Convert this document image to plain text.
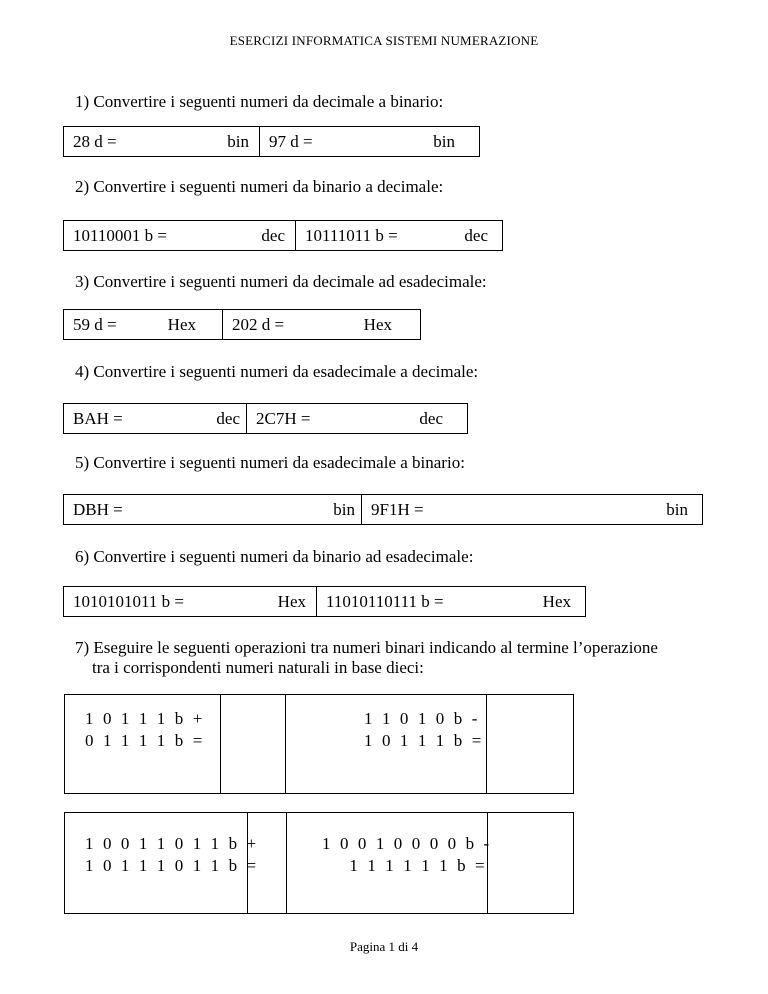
ESERCIZI INFORMATICA SISTEMI NUMERAZIONE
1) Convertire i seguenti numeri da decimale a binario:
28 d =	bin 97 d =	bin
2) Convertire i seguenti numeri da binario a decimale:
10110001 b =	dec 10111011 b =	dec
3) Convertire i seguenti numeri da decimale ad esadecimale:
59 d =	Hex 202 d =	Hex
4) Convertire i seguenti numeri da esadecimale a decimale:
BAH =	dec 2C7H =	dec
5) Convertire i seguenti numeri da esadecimale a binario:
DBH =	bin 9F1H =	bin
6) Convertire i seguenti numeri da binario ad esadecimale:
1010101011 b =	Hex 11010110111 b =	Hex
7) Eseguire le seguenti operazioni tra numeri binari indicando al termine l’operazione
tra i corrispondenti numeri naturali in base dieci:
1 0 1 1 1 b +
0 1 1 1 1 b =
1 1 0 1 0 b -
1 0 1 1 1 b =
1 0 0 1 1 0 1 1 b +
1 0 1 1 1 0 1 1 b =
1 0 0 1 0 0 0 0 b -
1 1 1 1 1 1 b =
Pagina 1 di 4
